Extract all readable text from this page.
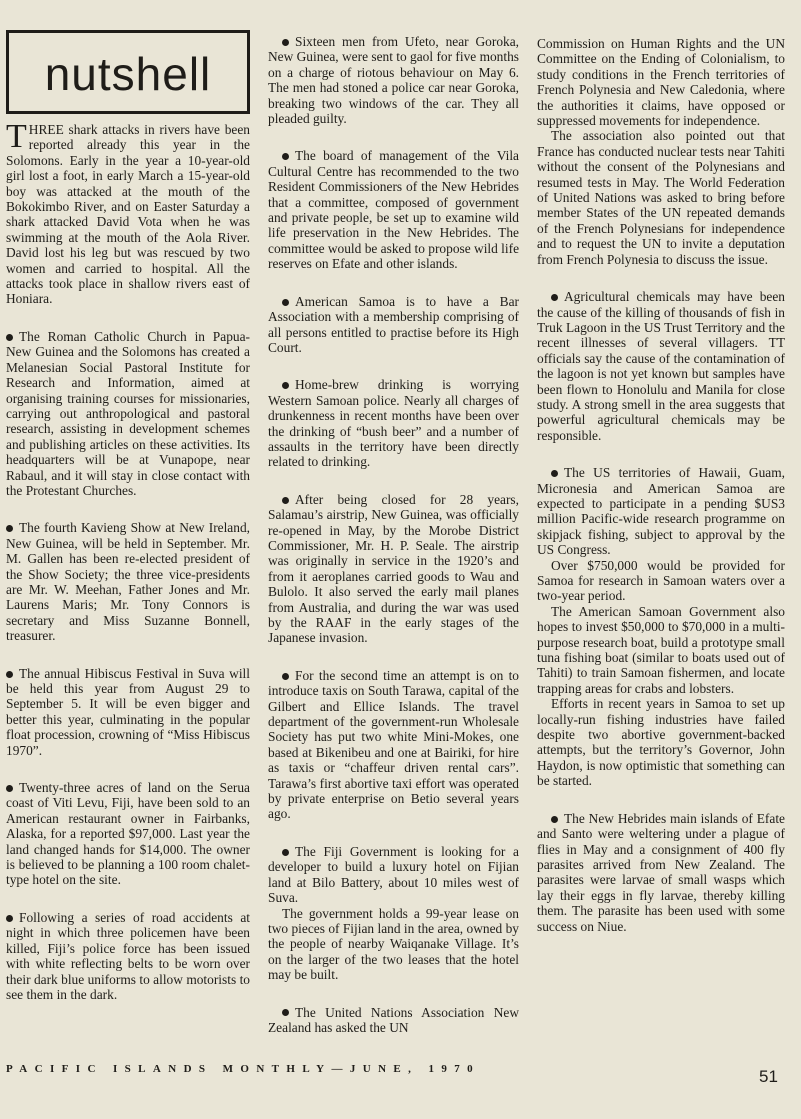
nutshell

THREE shark attacks in rivers have been reported already this year in the Solomons. Early in the year a 10-year-old girl lost a foot, in early March a 15-year-old boy was attacked at the mouth of the Bokokimbo River, and on Easter Saturday a shark attacked David Vota when he was swimming at the mouth of the Aola River. David lost his leg but was rescued by two women and carried to hospital. All the attacks took place in shallow rivers east of Honiara.

The Roman Catholic Church in Papua-New Guinea and the Solomons has created a Melanesian Social Pastoral Institute for Research and Information, aimed at organising training courses for missionaries, carrying out anthropological and pastoral research, assisting in development schemes and publishing articles on these activities. Its headquarters will be at Vunapope, near Rabaul, and it will stay in close contact with the Protestant Churches.

The fourth Kavieng Show at New Ireland, New Guinea, will be held in September. Mr. M. Gallen has been re-elected president of the Show Society; the three vice-presidents are Mr. W. Meehan, Father Jones and Mr. Laurens Maris; Mr. Tony Connors is secretary and Miss Suzanne Bonnell, treasurer.

The annual Hibiscus Festival in Suva will be held this year from August 29 to September 5. It will be even bigger and better this year, culminating in the popular float procession, crowning of “Miss Hibiscus 1970”.

Twenty-three acres of land on the Serua coast of Viti Levu, Fiji, have been sold to an American restaurant owner in Fairbanks, Alaska, for a reported $97,000. Last year the land changed hands for $14,000. The owner is believed to be planning a 100 room chalet-type hotel on the site.

Following a series of road accidents at night in which three policemen have been killed, Fiji’s police force has been issued with white reflecting belts to be worn over their dark blue uniforms to allow motorists to see them in the dark.

Sixteen men from Ufeto, near Goroka, New Guinea, were sent to gaol for five months on a charge of riotous behaviour on May 6. The men had stoned a police car near Goroka, breaking two windows of the car. They all pleaded guilty.

The board of management of the Vila Cultural Centre has recommended to the two Resident Commissioners of the New Hebrides that a committee, composed of government and private people, be set up to examine wild life preservation in the New Hebrides. The committee would be asked to propose wild life reserves on Efate and other islands.

American Samoa is to have a Bar Association with a membership comprising of all persons entitled to practise before its High Court.

Home-brew drinking is worrying Western Samoan police. Nearly all charges of drunkenness in recent months have been over the drinking of “bush beer” and a number of assaults in the territory have been directly related to drinking.

After being closed for 28 years, Salamau’s airstrip, New Guinea, was officially re-opened in May, by the Morobe District Commissioner, Mr. H. P. Seale. The airstrip was originally in service in the 1920’s and from it aeroplanes carried goods to Wau and Bulolo. It also served the early mail planes from Australia, and during the war was used by the RAAF in the early stages of the Japanese invasion.

For the second time an attempt is on to introduce taxis on South Tarawa, capital of the Gilbert and Ellice Islands. The travel department of the government-run Wholesale Society has put two white Mini-Mokes, one based at Bikenibeu and one at Bairiki, for hire as taxis or “chaffeur driven rental cars”. Tarawa’s first abortive taxi effort was operated by private enterprise on Betio several years ago.

The Fiji Government is looking for a developer to build a luxury hotel on Fijian land at Bilo Battery, about 10 miles west of Suva.

The government holds a 99-year lease on two pieces of Fijian land in the area, owned by the people of nearby Waiqanake Village. It’s on the larger of the two leases that the hotel may be built.

The United Nations Association New Zealand has asked the UN

Commission on Human Rights and the UN Committee on the Ending of Colonialism, to study conditions in the French territories of French Polynesia and New Caledonia, where the authorities it claims, have opposed or suppressed movements for independence.

The association also pointed out that France has conducted nuclear tests near Tahiti without the consent of the Polynesians and resumed tests in May. The World Federation of United Nations was asked to bring before member States of the UN repeated demands of the French Polynesians for independence and to request the UN to invite a deputation from French Polynesia to discuss the issue.

Agricultural chemicals may have been the cause of the killing of thousands of fish in Truk Lagoon in the US Trust Territory and the recent illnesses of several villagers. TT officials say the cause of the contamination of the lagoon is not yet known but samples have been flown to Honolulu and Manila for close study. A strong smell in the area suggests that powerful agricultural chemicals may be responsible.

The US territories of Hawaii, Guam, Micronesia and American Samoa are expected to participate in a pending $US3 million Pacific-wide research programme on skipjack fishing, subject to approval by the US Congress.

Over $750,000 would be provided for Samoa for research in Samoan waters over a two-year period.

The American Samoan Government also hopes to invest $50,000 to $70,000 in a multi-purpose research boat, build a prototype small tuna fishing boat (similar to boats used out of Tahiti) to train Samoan fishermen, and locate trapping areas for crabs and lobsters.

Efforts in recent years in Samoa to set up locally-run fishing industries have failed despite two abortive government-backed attempts, but the territory’s Governor, John Haydon, is now optimistic that something can be started.

The New Hebrides main islands of Efate and Santo were weltering under a plague of flies in May and a consignment of 400 fly parasites arrived from New Zealand. The parasites were larvae of small wasps which lay their eggs in fly larvae, thereby killing them. The parasite has been used with some success on Niue.

PACIFIC ISLANDS MONTHLY—JUNE, 1970	51
